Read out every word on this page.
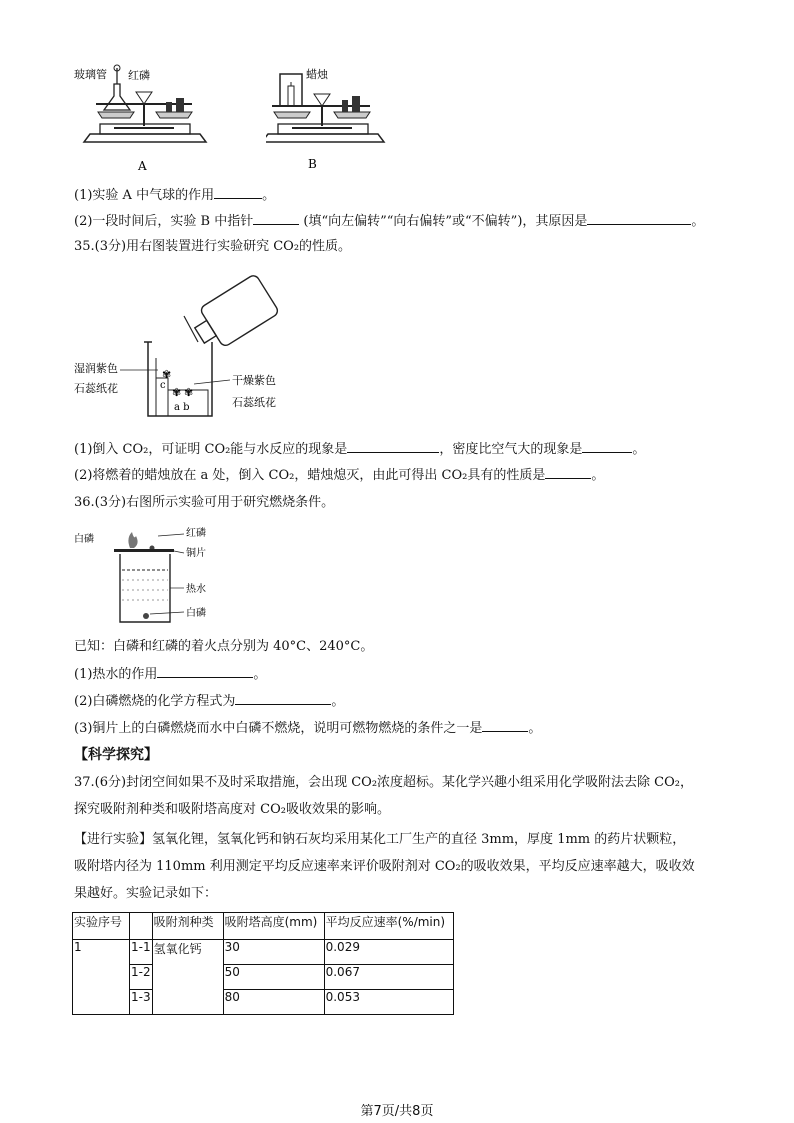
玻璃管 红磷
A
蜡烛
B
(1)实验 A 中气球的作用	。
(2)一段时间后，实验 B 中指针	(填“向左偏转”“向右偏转”或“不偏转”)，其原因是	。
35.(3分)用右图装置进行实验研究 CO₂的性质。
c
a b
✾
✾ ✾
湿润紫色
石蕊纸花
干燥紫色
石蕊纸花
(1)倒入 CO₂，可证明 CO₂能与水反应的现象是	，密度比空气大的现象是	。
(2)将燃着的蜡烛放在 a 处，倒入 CO₂，蜡烛熄灭，由此可得出 CO₂具有的性质是	。
36.(3分)右图所示实验可用于研究燃烧条件。
白磷
红磷
铜片
热水
白磷
已知：白磷和红磷的着火点分别为 40°C、240°C。
(1)热水的作用	。
(2)白磷燃烧的化学方程式为	。
(3)铜片上的白磷燃烧而水中白磷不燃烧，说明可燃物燃烧的条件之一是	。
【科学探究】
37.(6分)封闭空间如果不及时采取措施，会出现 CO₂浓度超标。某化学兴趣小组采用化学吸附法去除 CO₂，
探究吸附剂种类和吸附塔高度对 CO₂吸收效果的影响。
【进行实验】氢氧化锂，氢氧化钙和钠石灰均采用某化工厂生产的直径 3mm，厚度 1mm 的药片状颗粒，
吸附塔内径为 110mm 利用测定平均反应速率来评价吸附剂对 CO₂的吸收效果，平均反应速率越大，吸收效
果越好。实验记录如下：
实验序号		吸附剂种类	吸附塔高度(mm)	平均反应速率(%/min)
1	1-1	氢氧化钙	30	0.029
	1-2		50	0.067
	1-3		80	0.053
第7页/共8页
